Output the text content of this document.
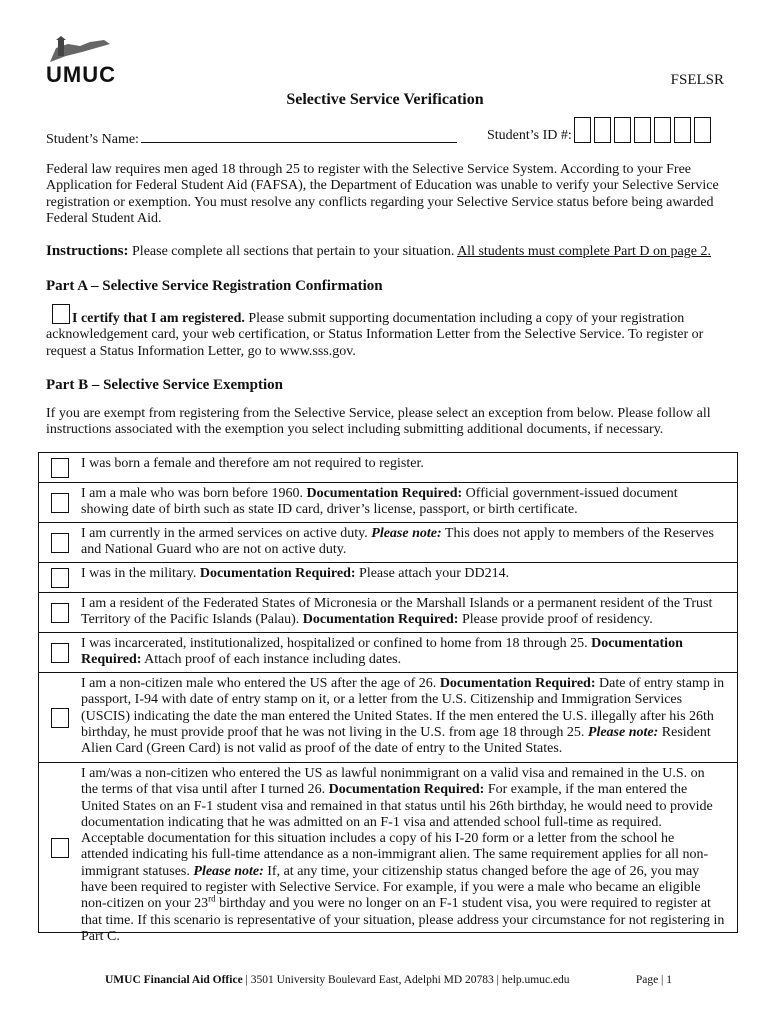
UMUC	FSELSR
Selective Service Verification
Student’s Name:	Student’s ID #:
Federal law requires men aged 18 through 25 to register with the Selective Service System. According to your Free Application for Federal Student Aid (FAFSA), the Department of Education was unable to verify your Selective Service registration or exemption. You must resolve any conflicts regarding your Selective Service status before being awarded Federal Student Aid.
Instructions: Please complete all sections that pertain to your situation. All students must complete Part D on page 2.
Part A – Selective Service Registration Confirmation
I certify that I am registered. Please submit supporting documentation including a copy of your registration acknowledgement card, your web certification, or Status Information Letter from the Selective Service. To register or request a Status Information Letter, go to www.sss.gov.
Part B – Selective Service Exemption
If you are exempt from registering from the Selective Service, please select an exception from below. Please follow all instructions associated with the exemption you select including submitting additional documents, if necessary.
I was born a female and therefore am not required to register.
I am a male who was born before 1960. Documentation Required: Official government-issued document showing date of birth such as state ID card, driver’s license, passport, or birth certificate.
I am currently in the armed services on active duty. Please note: This does not apply to members of the Reserves and National Guard who are not on active duty.
I was in the military. Documentation Required: Please attach your DD214.
I am a resident of the Federated States of Micronesia or the Marshall Islands or a permanent resident of the Trust Territory of the Pacific Islands (Palau). Documentation Required: Please provide proof of residency.
I was incarcerated, institutionalized, hospitalized or confined to home from 18 through 25. Documentation Required: Attach proof of each instance including dates.
I am a non-citizen male who entered the US after the age of 26. Documentation Required: Date of entry stamp in passport, I-94 with date of entry stamp on it, or a letter from the U.S. Citizenship and Immigration Services (USCIS) indicating the date the man entered the United States. If the men entered the U.S. illegally after his 26th birthday, he must provide proof that he was not living in the U.S. from age 18 through 25. Please note: Resident Alien Card (Green Card) is not valid as proof of the date of entry to the United States.
I am/was a non-citizen who entered the US as lawful nonimmigrant on a valid visa and remained in the U.S. on the terms of that visa until after I turned 26. Documentation Required: For example, if the man entered the United States on an F-1 student visa and remained in that status until his 26th birthday, he would need to provide documentation indicating that he was admitted on an F-1 visa and attended school full-time as required. Acceptable documentation for this situation includes a copy of his I-20 form or a letter from the school he attended indicating his full-time attendance as a non-immigrant alien. The same requirement applies for all non-immigrant statuses. Please note: If, at any time, your citizenship status changed before the age of 26, you may have been required to register with Selective Service. For example, if you were a male who became an eligible non-citizen on your 23rd birthday and you were no longer on an F-1 student visa, you were required to register at that time. If this scenario is representative of your situation, please address your circumstance for not registering in Part C.
UMUC Financial Aid Office | 3501 University Boulevard East, Adelphi MD 20783 | help.umuc.edu	Page | 1
